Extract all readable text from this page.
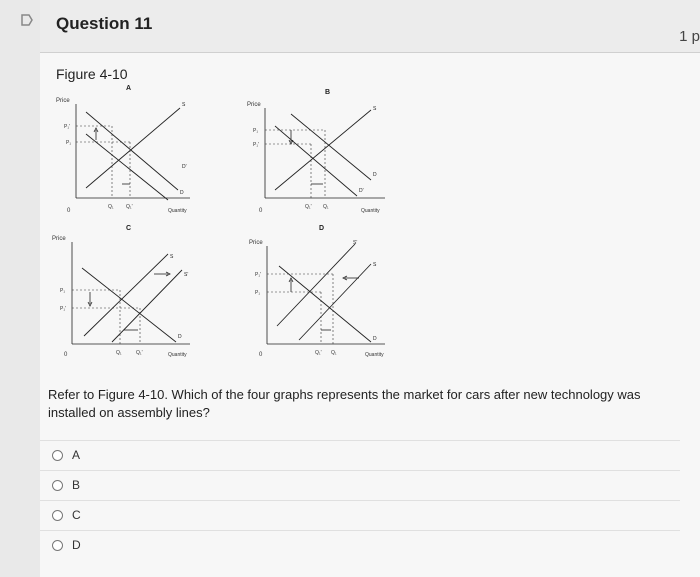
Question 11
1 p
Figure 4-10
A
Price
0	Quantity
S
D
D'
P₁'
P₁
Q₁ Q₁'
B
Price
0	Quantity
S
D
D'
P₁
P₁'
Q₁' Q₁
C
Price
0	Quantity
S
S'
D
P₁
P₁'
Q₁	Q₁'
D
Price
0	Quantity
S'
S
D
P₁'
P₁
Q₁' Q₁
Refer to Figure 4-10. Which of the four graphs represents the market for cars after new technology was installed on assembly lines?
A
B
C
D
